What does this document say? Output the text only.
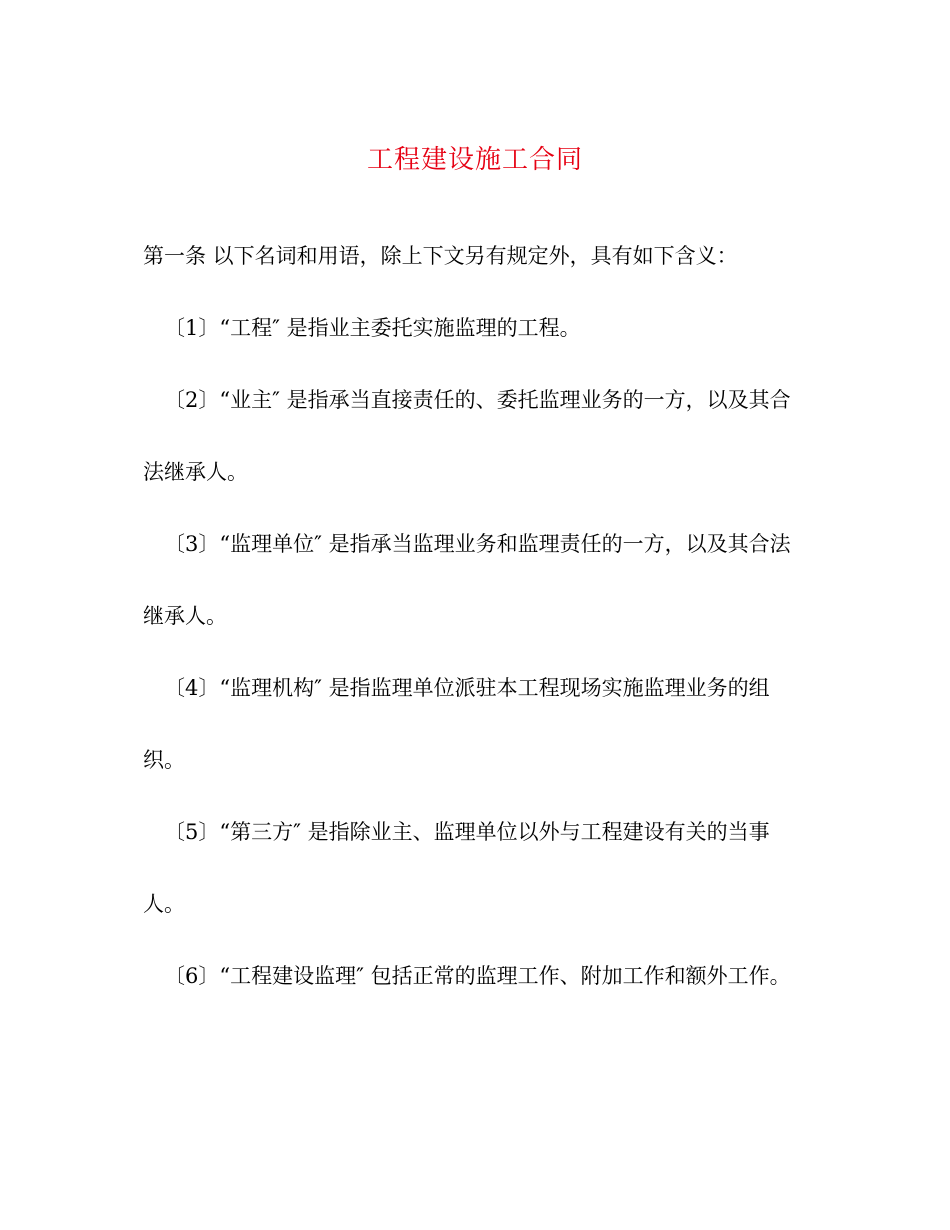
工程建设施工合同

第一条 以下名词和用语，除上下文另有规定外，具有如下含义：

〔1〕“工程″ 是指业主委托实施监理的工程。

〔2〕“业主″ 是指承当直接责任的、委托监理业务的一方，以及其合法继承人。

〔3〕“监理单位″ 是指承当监理业务和监理责任的一方，以及其合法继承人。

〔4〕“监理机构″ 是指监理单位派驻本工程现场实施监理业务的组织。

〔5〕“第三方″ 是指除业主、监理单位以外与工程建设有关的当事人。

〔6〕“工程建设监理″ 包括正常的监理工作、附加工作和额外工作。
